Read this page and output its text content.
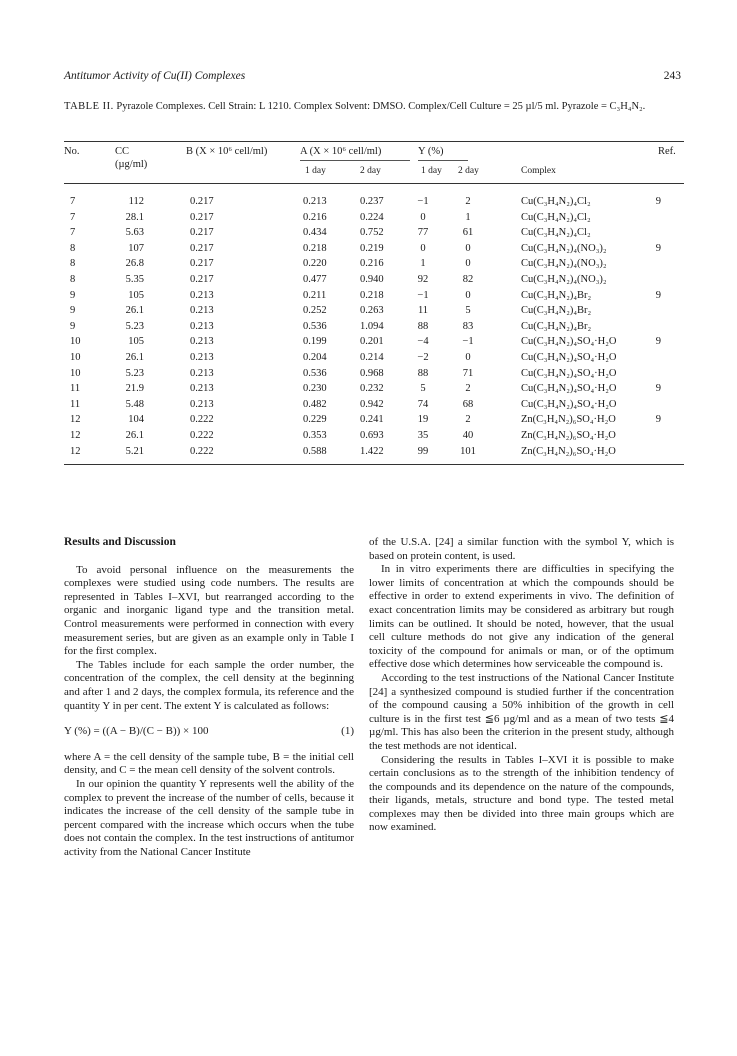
Antitumor Activity of Cu(II) Complexes	243
TABLE II. Pyrazole Complexes. Cell Strain: L 1210. Complex Solvent: DMSO. Complex/Cell Culture = 25 µl/5 ml. Pyrazole = C₃H₄N₂.
No.	CC
(µg/ml)
B (X × 10⁶ cell/ml)	A (X × 10⁶ cell/ml)	Y (%)	Ref.
1 day	2 day	1 day 2 day	Complex
7	112	0.217	0.213	0.237	−1	2	Cu(C₃H₄N₂)₄Cl₂	9
7	28.1	0.217	0.216	0.224	0	1	Cu(C₃H₄N₂)₄Cl₂
7	5.63	0.217	0.434	0.752	77	61	Cu(C₃H₄N₂)₄Cl₂
8	107	0.217	0.218	0.219	0	0	Cu(C₃H₄N₂)₄(NO₃)₂	9
8	26.8	0.217	0.220	0.216	1	0	Cu(C₃H₄N₂)₄(NO₃)₂
8	5.35	0.217	0.477	0.940	92	82	Cu(C₃H₄N₂)₄(NO₃)₂
9	105	0.213	0.211	0.218	−1	0	Cu(C₃H₄N₂)₄Br₂	9
9	26.1	0.213	0.252	0.263	11	5	Cu(C₃H₄N₂)₄Br₂
9	5.23	0.213	0.536	1.094	88	83	Cu(C₃H₄N₂)₄Br₂
10	105	0.213	0.199	0.201	−4	−1	Cu(C₃H₄N₂)₄SO₄·H₂O	9
10	26.1	0.213	0.204	0.214	−2	0	Cu(C₃H₄N₂)₄SO₄·H₂O
10	5.23	0.213	0.536	0.968	88	71	Cu(C₃H₄N₂)₄SO₄·H₂O
11	21.9	0.213	0.230	0.232	5	2	Cu(C₃H₄N₂)₄SO₄·H₂O	9
11	5.48	0.213	0.482	0.942	74	68	Cu(C₃H₄N₂)₄SO₄·H₂O
12	104	0.222	0.229	0.241	19	2	Zn(C₃H₄N₂)₆SO₄·H₂O	9
12	26.1	0.222	0.353	0.693	35	40	Zn(C₃H₄N₂)₆SO₄·H₂O
12	5.21	0.222	0.588	1.422	99	101	Zn(C₃H₄N₂)₆SO₄·H₂O
Results and Discussion

To avoid personal influence on the measurements the complexes were studied using code numbers. The results are represented in Tables I–XVI, but rearranged according to the organic and inorganic ligand type and the transition metal. Control measurements were performed in connection with every measurement series, but are given as an example only in Table I for the first complex.

The Tables include for each sample the order number, the concentration of the complex, the cell density at the beginning and after 1 and 2 days, the complex formula, its reference and the quantity Y in per cent. The extent Y is calculated as follows:

Y (%) = ((A − B)/(C − B)) × 100	(1)

where A = the cell density of the sample tube, B = the initial cell density, and C = the mean cell density of the solvent controls.

In our opinion the quantity Y represents well the ability of the complex to prevent the increase of the number of cells, because it indicates the increase of the cell density of the sample tube in percent compared with the increase which occurs when the tube does not contain the complex. In the test instructions of antitumor activity from the National Cancer Institute

of the U.S.A. [24] a similar function with the symbol Y, which is based on protein content, is used.

In in vitro experiments there are difficulties in specifying the lower limits of concentration at which the compounds should be effective in order to extend experiments in vivo. The definition of exact concentration limits may be considered as arbitrary but rough limits can be outlined. It should be noted, however, that the usual cell culture methods do not give any indication of the general toxicity of the compound for animals or man, or of the optimum effective dose which determines how serviceable the compound is.

According to the test instructions of the National Cancer Institute [24] a synthesized compound is studied further if the concentration of the compound causing a 50% inhibition of the growth in cell culture is in the first test ≦6 µg/ml and as a mean of two tests ≦4 µg/ml. This has also been the criterion in the present study, although the test methods are not identical.

Considering the results in Tables I–XVI it is possible to make certain conclusions as to the strength of the inhibition tendency of the compounds and its dependence on the nature of the compounds, their ligands, metals, structure and bond type. The tested metal complexes may then be divided into three main groups which are now examined.
